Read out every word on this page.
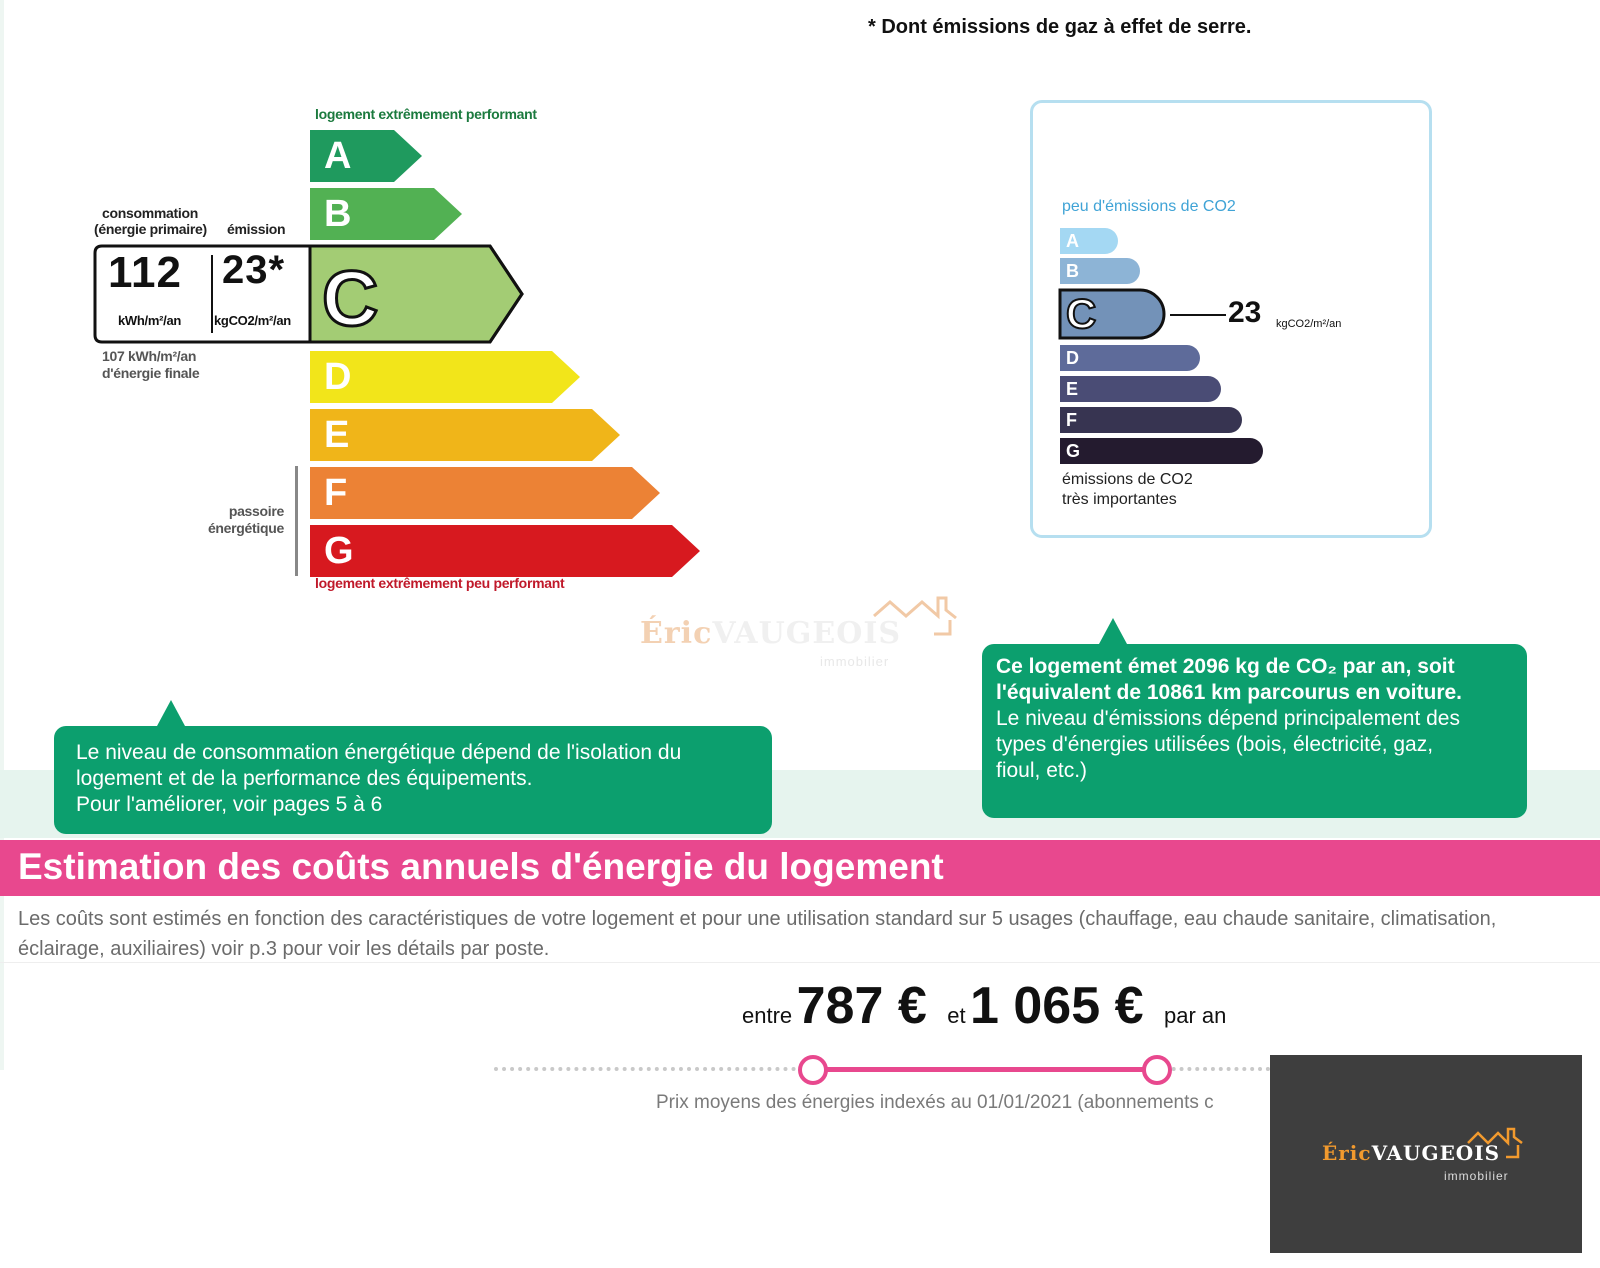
* Dont émissions de gaz à effet de serre.
logement extrêmement performant
A
B
consommation
(énergie primaire) émission
C
112
kWh/m²/an
23*
kgCO2/m²/an
107 kWh/m²/an
d'énergie finale	D
E
F
G
passoire énergétique
logement extrêmement peu performant
peu d'émissions de CO2
A
B
C	23 kgCO2/m²/an
D
E
F
G
émissions de CO2
très importantes
ÉricVAUGEOIS
immobilier
Le niveau de consommation énergétique dépend de l'isolation du
logement et de la performance des équipements.
Pour l'améliorer, voir pages 5 à 6
Ce logement émet 2096 kg de CO₂ par an, soit
l'équivalent de 10861 km parcourus en voiture.
Le niveau d'émissions dépend principalement des
types d'énergies utilisées (bois, électricité, gaz,
fioul, etc.)
Estimation des coûts annuels d'énergie du logement
Les coûts sont estimés en fonction des caractéristiques de votre logement et pour une utilisation standard sur 5 usages (chauffage, eau chaude sanitaire, climatisation, éclairage, auxiliaires) voir p.3 pour voir les détails par poste.
entre 787 € et 1 065 € par an
Prix moyens des énergies indexés au 01/01/2021 (abonnements c
ÉricVAUGEOIS
immobilier
